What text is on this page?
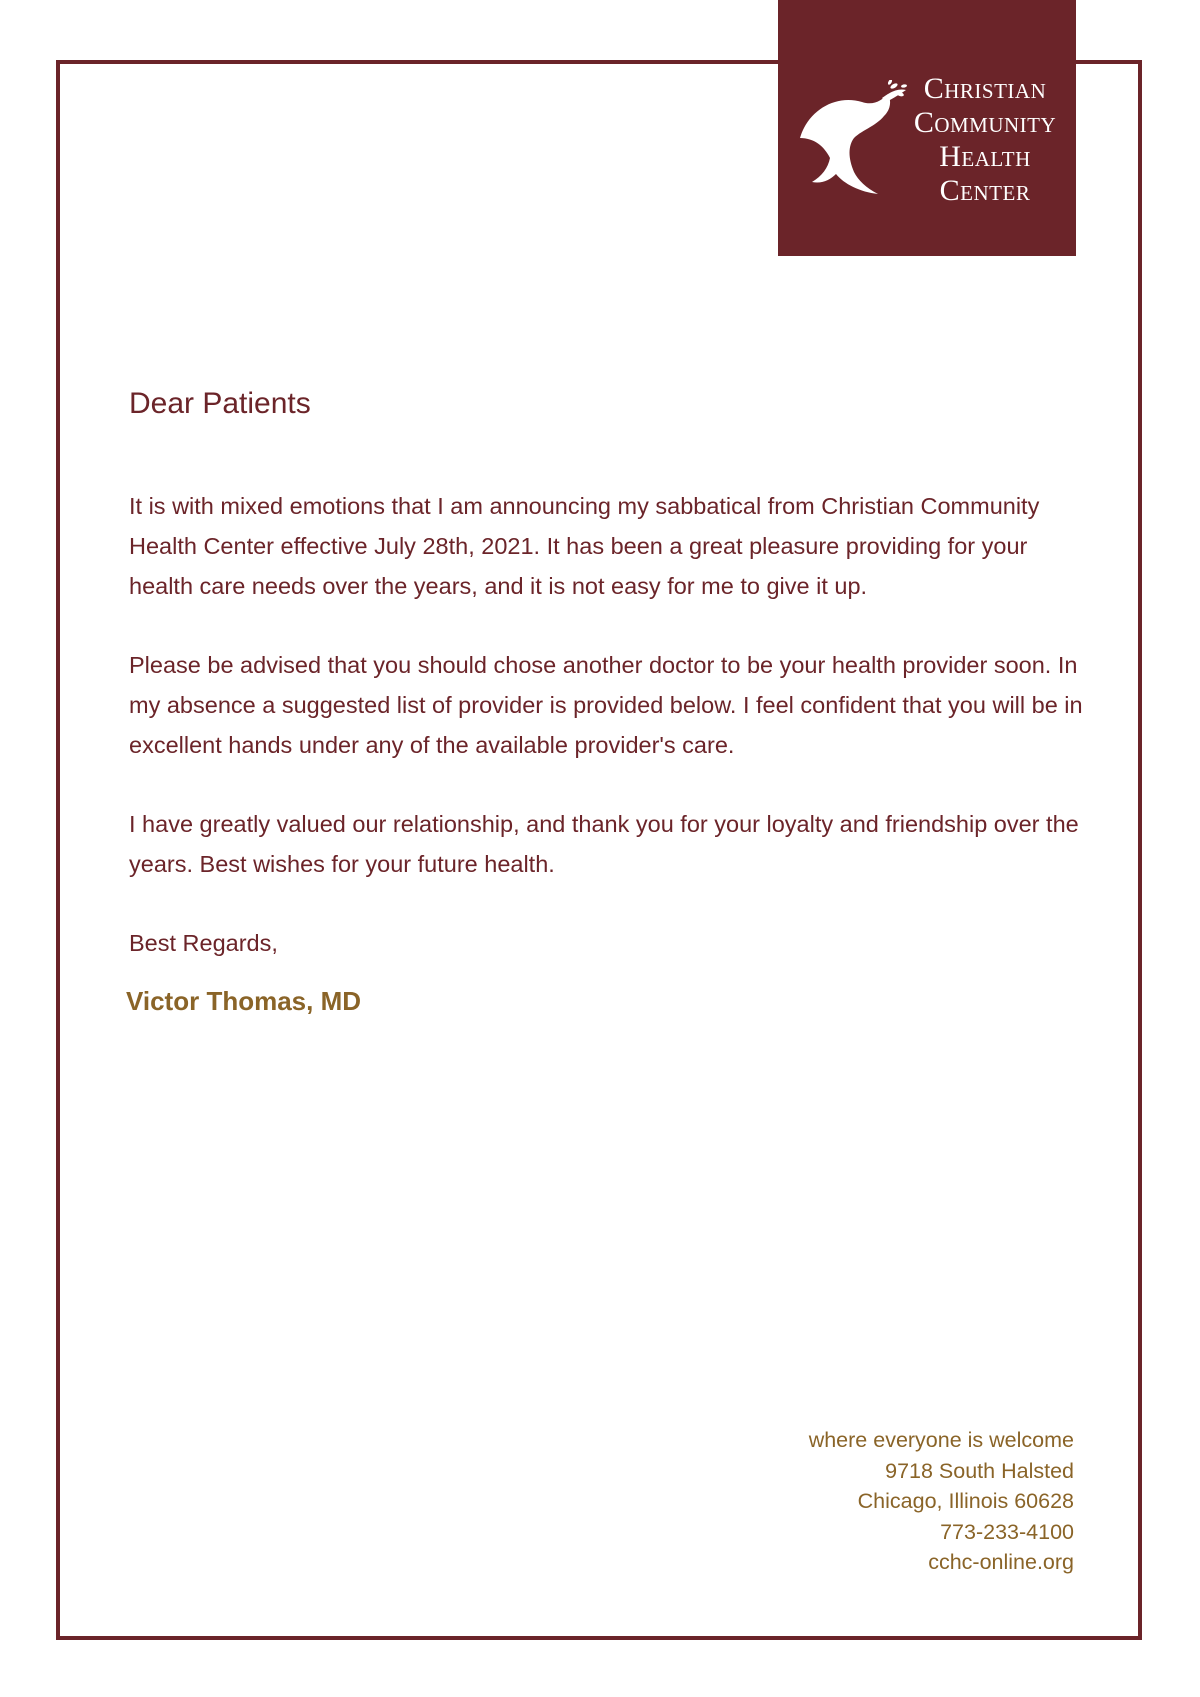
Christian
Community
Health
Center
Dear Patients

It is with mixed emotions that I am announcing my sabbatical from Christian Community Health Center effective July 28th, 2021. It has been a great pleasure providing for your health care needs over the years, and it is not easy for me to give it up.

Please be advised that you should chose another doctor to be your health provider soon. In my absence a suggested list of provider is provided below. I feel confident that you will be in excellent hands under any of the available provider's care.

I have greatly valued our relationship, and thank you for your loyalty and friendship over the years. Best wishes for your future health.

Best Regards,
Victor Thomas, MD
where everyone is welcome
9718 South Halsted
Chicago, Illinois 60628
773-233-4100
cchc-online.org
